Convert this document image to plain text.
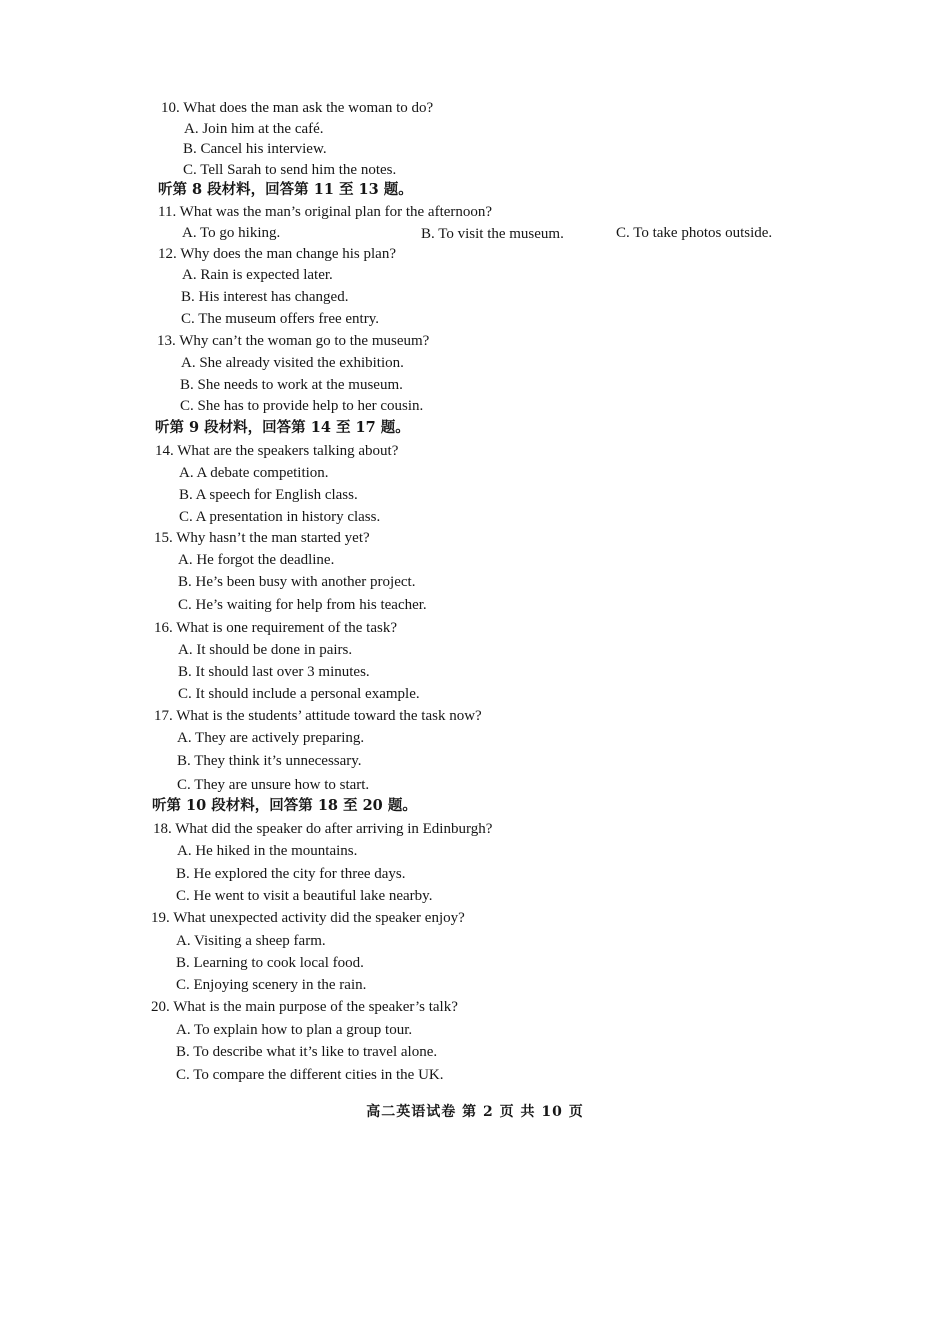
10. What does the man ask the woman to do?
A. Join him at the café.
B. Cancel his interview.
C. Tell Sarah to send him the notes.
听第 8 段材料，回答第 11 至 13 题。
11. What was the man’s original plan for the afternoon?
A. To go hiking.	B. To visit the museum.	C. To take photos outside.
12. Why does the man change his plan?
A. Rain is expected later.
B. His interest has changed.
C. The museum offers free entry.
13. Why can’t the woman go to the museum?
A. She already visited the exhibition.
B. She needs to work at the museum.
C. She has to provide help to her cousin.
听第 9 段材料，回答第 14 至 17 题。
14. What are the speakers talking about?
A. A debate competition.
B. A speech for English class.
C. A presentation in history class.
15. Why hasn’t the man started yet?
A. He forgot the deadline.
B. He’s been busy with another project.
C. He’s waiting for help from his teacher.
16. What is one requirement of the task?
A. It should be done in pairs.
B. It should last over 3 minutes.
C. It should include a personal example.
17. What is the students’ attitude toward the task now?
A. They are actively preparing.
B. They think it’s unnecessary.
C. They are unsure how to start.
听第 10 段材料，回答第 18 至 20 题。
18. What did the speaker do after arriving in Edinburgh?
A. He hiked in the mountains.
B. He explored the city for three days.
C. He went to visit a beautiful lake nearby.
19. What unexpected activity did the speaker enjoy?
A. Visiting a sheep farm.
B. Learning to cook local food.
C. Enjoying scenery in the rain.
20. What is the main purpose of the speaker’s talk?
A. To explain how to plan a group tour.
B. To describe what it’s like to travel alone.
C. To compare the different cities in the UK.
高二英语试卷 第 2 页 共 10 页
